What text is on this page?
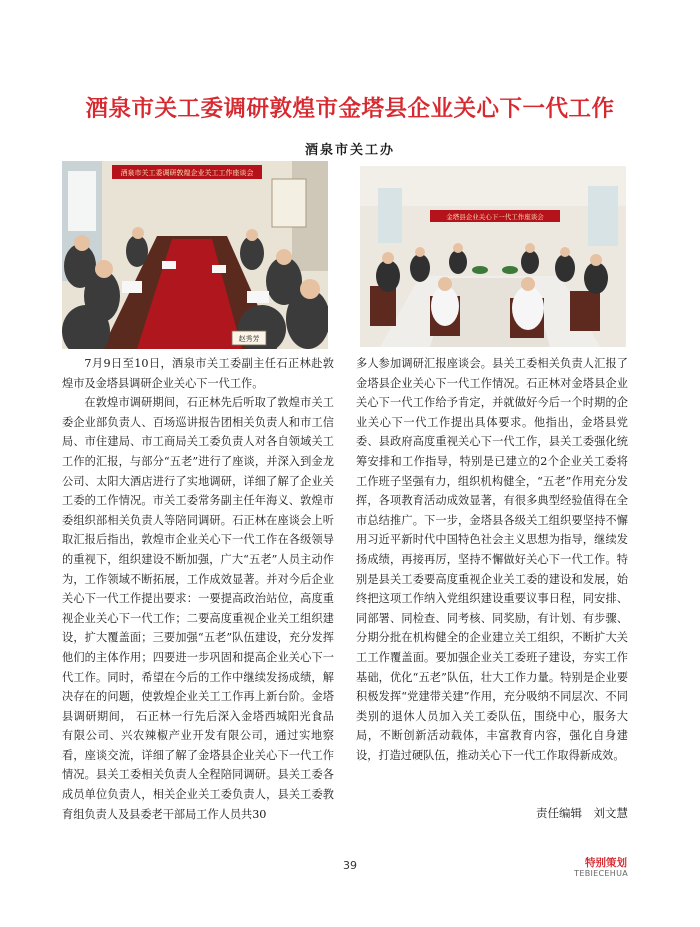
酒泉市关工委调研敦煌市金塔县企业关心下一代工作
酒泉市关工办
酒泉市关工委调研敦煌企业关工工作座谈会
赵秀芳
金塔县企业关心下一代工作座谈会

7月9日至10日，酒泉市关工委副主任石正林赴敦煌市及金塔县调研企业关心下一代工作。

在敦煌市调研期间，石正林先后听取了敦煌市关工委企业部负责人、百场巡讲报告团相关负责人和市工信局、市住建局、市工商局关工委负责人对各自领域关工工作的汇报，与部分“五老”进行了座谈，并深入到金龙公司、太阳大酒店进行了实地调研，详细了解了企业关工委的工作情况。市关工委常务副主任年海义、敦煌市委组织部相关负责人等陪同调研。石正林在座谈会上听取汇报后指出，敦煌市企业关心下一代工作在各级领导的重视下，组织建设不断加强，广大“五老”人员主动作为，工作领域不断拓展，工作成效显著。并对今后企业关心下一代工作提出要求：一要提高政治站位，高度重视企业关心下一代工作；二要高度重视企业关工组织建设，扩大覆盖面；三要加强“五老”队伍建设，充分发挥他们的主体作用；四要进一步巩固和提高企业关心下一代工作。同时，希望在今后的工作中继续发扬成绩，解决存在的问题，使敦煌企业关工工作再上新台阶。金塔县调研期间， 石正林一行先后深入金塔西城阳光食品有限公司、兴农辣椒产业开发有限公司，通过实地察看，座谈交流，详细了解了金塔县企业关心下一代工作情况。县关工委相关负责人全程陪同调研。县关工委各成员单位负责人，相关企业关工委负责人，县关工委教育组负责人及县委老干部局工作人员共30

多人参加调研汇报座谈会。县关工委相关负责人汇报了金塔县企业关心下一代工作情况。石正林对金塔县企业关心下一代工作给予肯定，并就做好今后一个时期的企业关心下一代工作提出具体要求。他指出，金塔县党委、县政府高度重视关心下一代工作，县关工委强化统筹安排和工作指导，特别是已建立的2个企业关工委将工作班子坚强有力，组织机构健全，“五老”作用充分发挥，各项教育活动成效显著，有很多典型经验值得在全市总结推广。下一步，金塔县各级关工组织要坚持不懈用习近平新时代中国特色社会主义思想为指导，继续发扬成绩，再接再厉，坚持不懈做好关心下一代工作。特别是县关工委要高度重视企业关工委的建设和发展，始终把这项工作纳入党组织建设重要议事日程，同安排、同部署、同检查、同考核、同奖励，有计划、有步骤、分期分批在机构健全的企业建立关工组织，不断扩大关工工作覆盖面。要加强企业关工委班子建设，夯实工作基础，优化“五老”队伍，壮大工作力量。特别是企业要积极发挥“党建带关建”作用，充分吸纳不同层次、不同类别的退休人员加入关工委队伍，围绕中心，服务大局，不断创新活动载体，丰富教育内容，强化自身建设，打造过硬队伍，推动关心下一代工作取得新成效。

责任编辑　刘文慧
39	特别策划
TEBIECEHUA
